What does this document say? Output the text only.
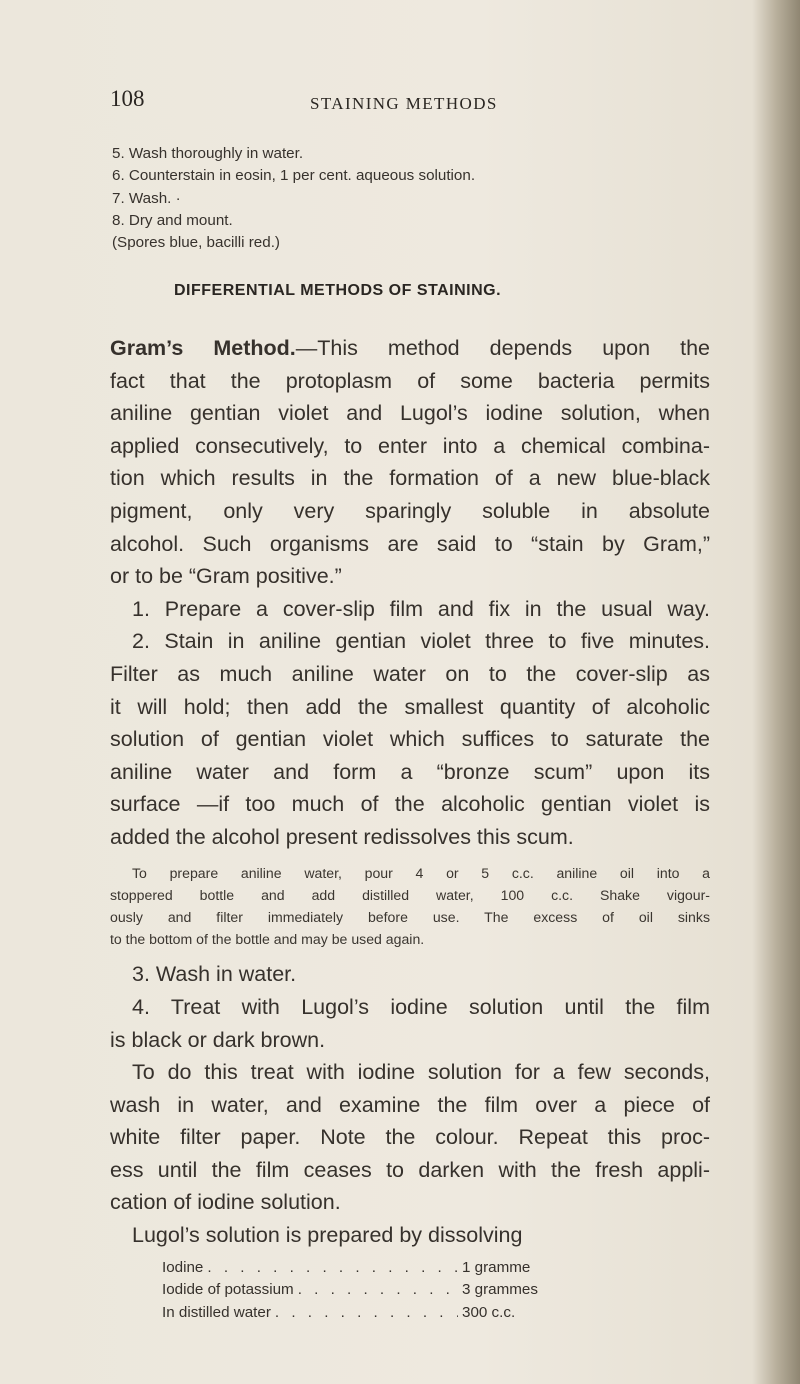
108	STAINING METHODS
5. Wash thoroughly in water.
6. Counterstain in eosin, 1 per cent. aqueous solution.
7. Wash. ·
8. Dry and mount.
(Spores blue, bacilli red.)
DIFFERENTIAL METHODS OF STAINING.
Gram’s Method.—This method depends upon the
fact that the protoplasm of some bacteria permits
aniline gentian violet and Lugol’s iodine solution, when
applied consecutively, to enter into a chemical combina-
tion which results in the formation of a new blue-black
pigment, only very sparingly soluble in absolute
alcohol. Such organisms are said to “stain by Gram,”
or to be “Gram positive.”
1. Prepare a cover-slip film and fix in the usual way.
2. Stain in aniline gentian violet three to five minutes.
Filter as much aniline water on to the cover-slip as
it will hold; then add the smallest quantity of alcoholic
solution of gentian violet which suffices to saturate the
aniline water and form a “bronze scum” upon its
surface —if too much of the alcoholic gentian violet is
added the alcohol present redissolves this scum.
To prepare aniline water, pour 4 or 5 c.c. aniline oil into a
stoppered bottle and add distilled water, 100 c.c. Shake vigour-
ously and filter immediately before use. The excess of oil sinks
to the bottom of the bottle and may be used again.
3. Wash in water.
4. Treat with Lugol’s iodine solution until the film
is black or dark brown.
To do this treat with iodine solution for a few seconds,
wash in water, and examine the film over a piece of
white filter paper. Note the colour. Repeat this proc-
ess until the film ceases to darken with the fresh appli-
cation of iodine solution.
Lugol’s solution is prepared by dissolving
Iodine . . .	1 gramme
Iodide of potassium . . .	3 grammes
In distilled water . . .	300 c.c.
